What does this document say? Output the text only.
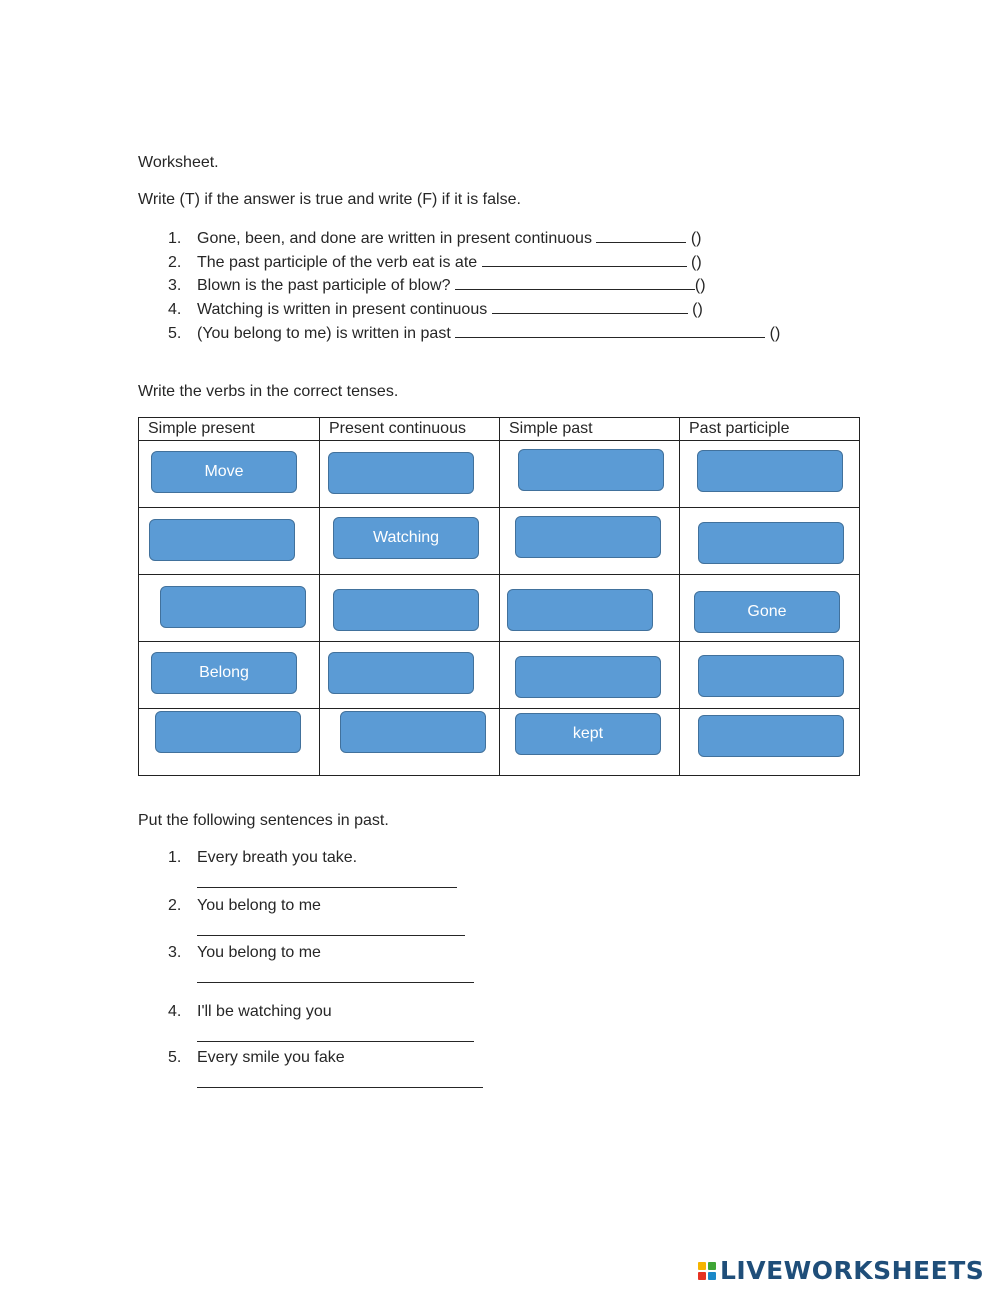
Worksheet.
Write (T) if the answer is true and write (F) if it is false.
1. Gone, been, and done are written in present continuous	()
2. The past participle of the verb eat is ate	()
3. Blown is the past participle of blow?	()
4. Watching is written in present continuous	()
5. (You belong to me) is written in past	()
Write the verbs in the correct tenses.
Simple present	Present continuous	Simple past	Past participle

Move			

	Watching		

			Gone

Belong			

		kept	

Put the following sentences in past.
1. Every breath you take.
2. You belong to me
3. You belong to me
4. I'll be watching you
5. Every smile you fake
LIVEWORKSHEETS
